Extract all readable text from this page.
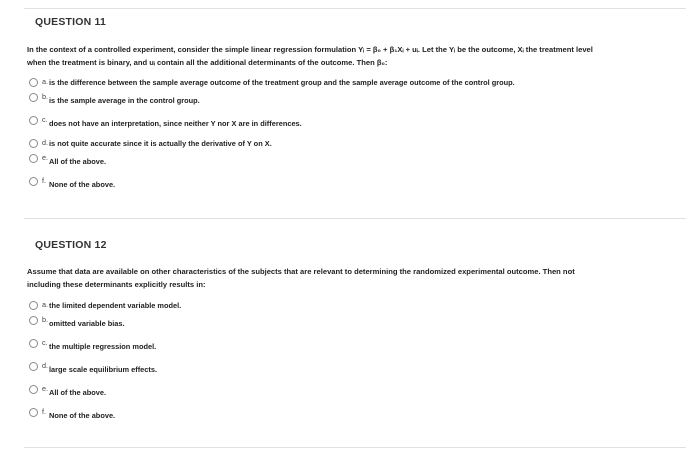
QUESTION 11
In the context of a controlled experiment, consider the simple linear regression formulation Yᵢ = β₀ + β₁Xᵢ + uᵢ. Let the Yᵢ be the outcome, Xᵢ the treatment level
when the treatment is binary, and uᵢ contain all the additional determinants of the outcome. Then β₀:
a. is the difference between the sample average outcome of the treatment group and the sample average outcome of the control group.
b. is the sample average in the control group.
c. does not have an interpretation, since neither Y nor X are in differences.
d. is not quite accurate since it is actually the derivative of Y on X.
e. All of the above.
f. None of the above.
QUESTION 12
Assume that data are available on other characteristics of the subjects that are relevant to determining the randomized experimental outcome. Then not
including these determinants explicitly results in:
a. the limited dependent variable model.
b. omitted variable bias.
c. the multiple regression model.
d. large scale equilibrium effects.
e. All of the above.
f. None of the above.
